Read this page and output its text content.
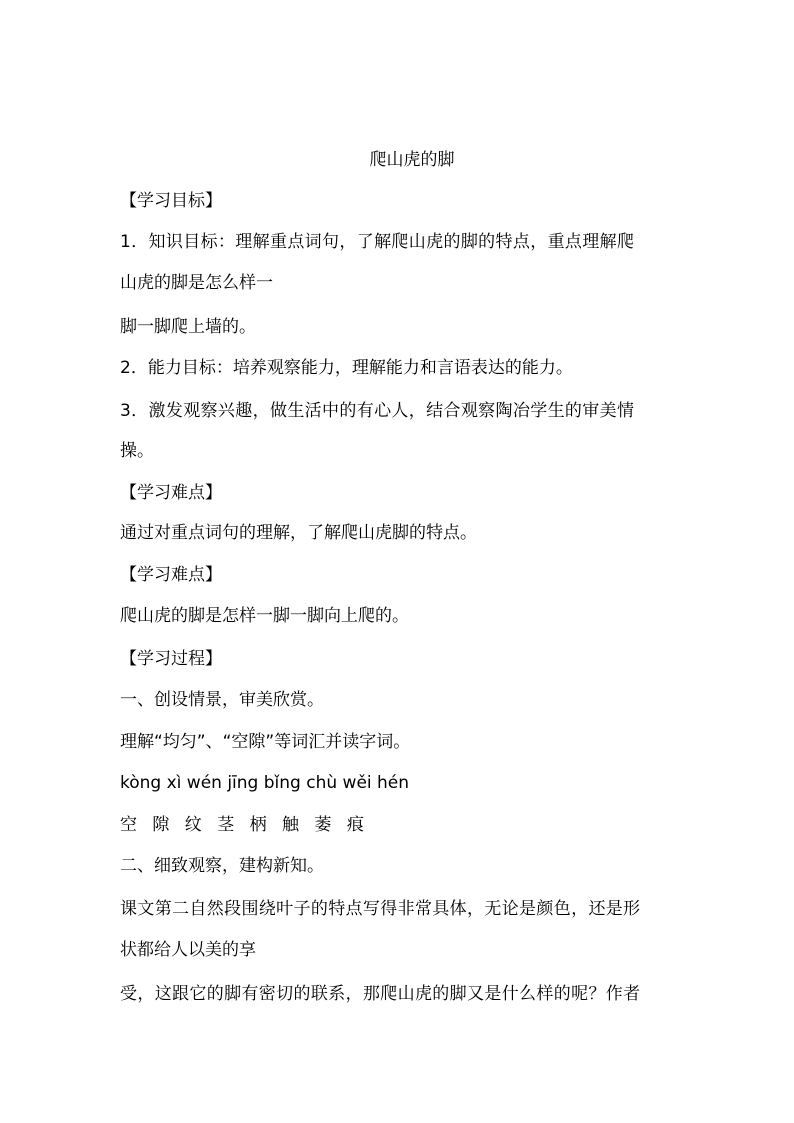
爬山虎的脚
【学习目标】
1．知识目标：理解重点词句，了解爬山虎的脚的特点，重点理解爬
山虎的脚是怎么样一
脚一脚爬上墙的。
2．能力目标：培养观察能力，理解能力和言语表达的能力。
3．激发观察兴趣，做生活中的有心人，结合观察陶冶学生的审美情
操。
【学习难点】
通过对重点词句的理解，了解爬山虎脚的特点。
【学习难点】
爬山虎的脚是怎样一脚一脚向上爬的。
【学习过程】
一、创设情景，审美欣赏。
理解“均匀”、“空隙”等词汇并读字词。
kòng xì wén jīng bǐng chù wěi hén
空 隙 纹 茎 柄 触 萎 痕
二、细致观察，建构新知。
课文第二自然段围绕叶子的特点写得非常具体，无论是颜色，还是形
状都给人以美的享
受，这跟它的脚有密切的联系，那爬山虎的脚又是什么样的呢？作者
